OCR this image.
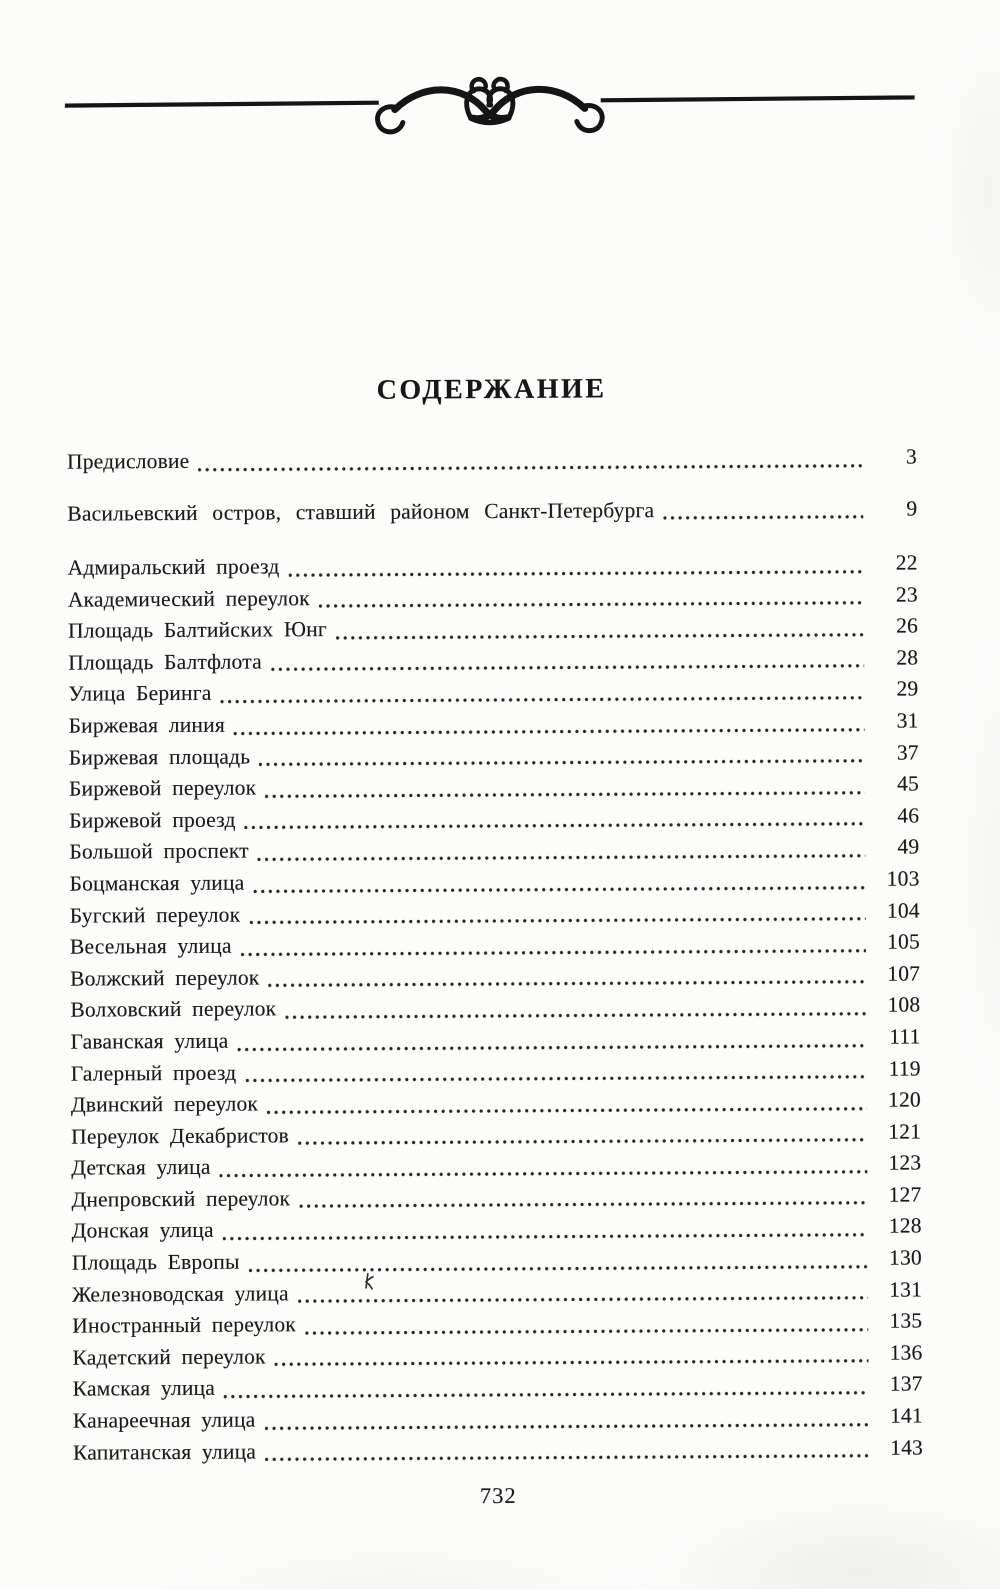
СОДЕРЖАНИЕ
Предисловие	3
Васильевский остров, ставший районом Санкт-Петербурга	9
Адмиральский проезд	22
Академический переулок	23
Площадь Балтийских Юнг	26
Площадь Балтфлота	28
Улица Беринга	29
Биржевая линия	31
Биржевая площадь	37
Биржевой переулок	45
Биржевой проезд	46
Большой проспект	49
Боцманская улица	103
Бугский переулок	104
Весельная улица	105
Волжский переулок	107
Волховский переулок	108
Гаванская улица	111
Галерный проезд	119
Двинский переулок	120
Переулок Декабристов	121
Детская улица	123
Днепровский переулок	127
Донская улица	128
Площадь Европы	130
Железноводская улица	131
Иностранный переулок	135
Кадетский переулок	136
Камская улица	137
Канареечная улица	141
Капитанская улица	143
732
